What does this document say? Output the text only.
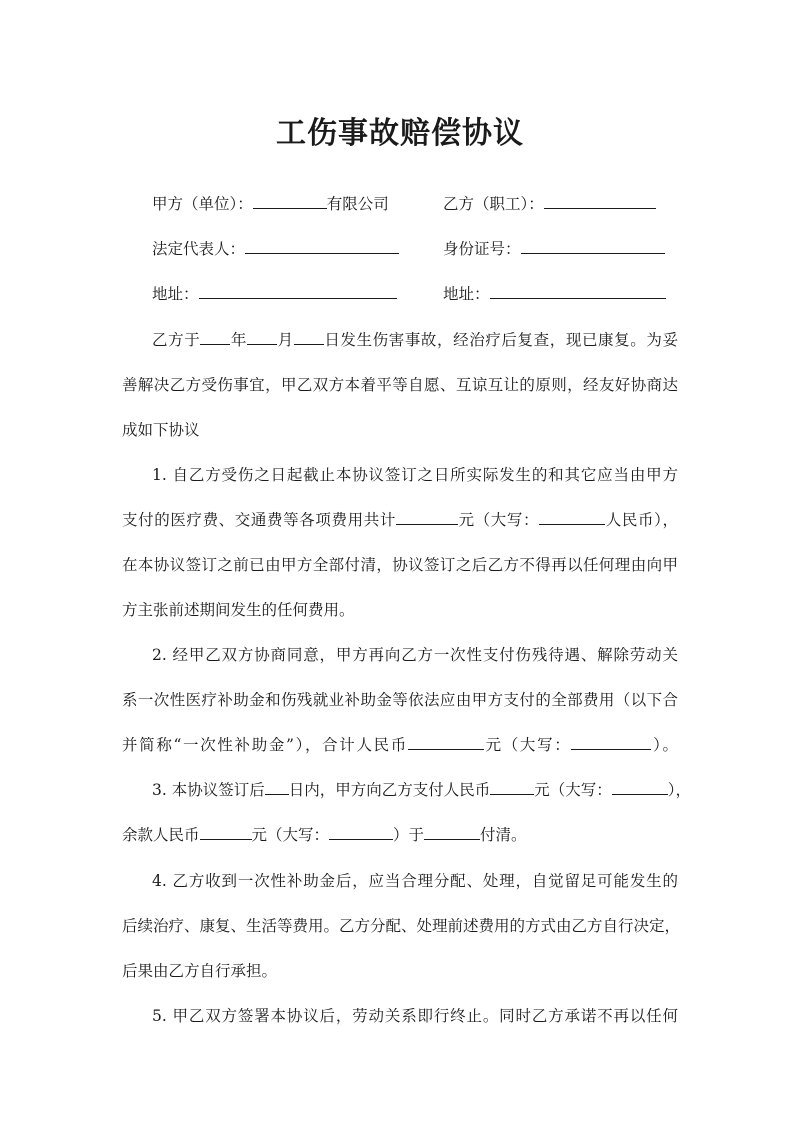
工伤事故赔偿协议
甲方（单位）：	有限公司	乙方（职工）：
法定代表人：	身份证号：
地址：	地址：
乙方于 年 月 日发生伤害事故，经治疗后复查，现已康复。为妥
善解决乙方受伤事宜，甲乙双方本着平等自愿、互谅互让的原则，经友好协商达
成如下协议
1. 自乙方受伤之日起截止本协议签订之日所实际发生的和其它应当由甲方
支付的医疗费、交通费等各项费用共计	元（大写：	人民币），
在本协议签订之前已由甲方全部付清，协议签订之后乙方不得再以任何理由向甲
方主张前述期间发生的任何费用。
2. 经甲乙双方协商同意，甲方再向乙方一次性支付伤残待遇、解除劳动关
系一次性医疗补助金和伤残就业补助金等依法应由甲方支付的全部费用（以下合
并简称“一次性补助金”），合计人民币	元（大写：	）。
3. 本协议签订后 日内，甲方向乙方支付人民币	元（大写：	），
余款人民币	元（大写：	）于	付清。
4. 乙方收到一次性补助金后，应当合理分配、处理，自觉留足可能发生的
后续治疗、康复、生活等费用。乙方分配、处理前述费用的方式由乙方自行决定，
后果由乙方自行承担。
5. 甲乙双方签署本协议后，劳动关系即行终止。同时乙方承诺不再以任何
